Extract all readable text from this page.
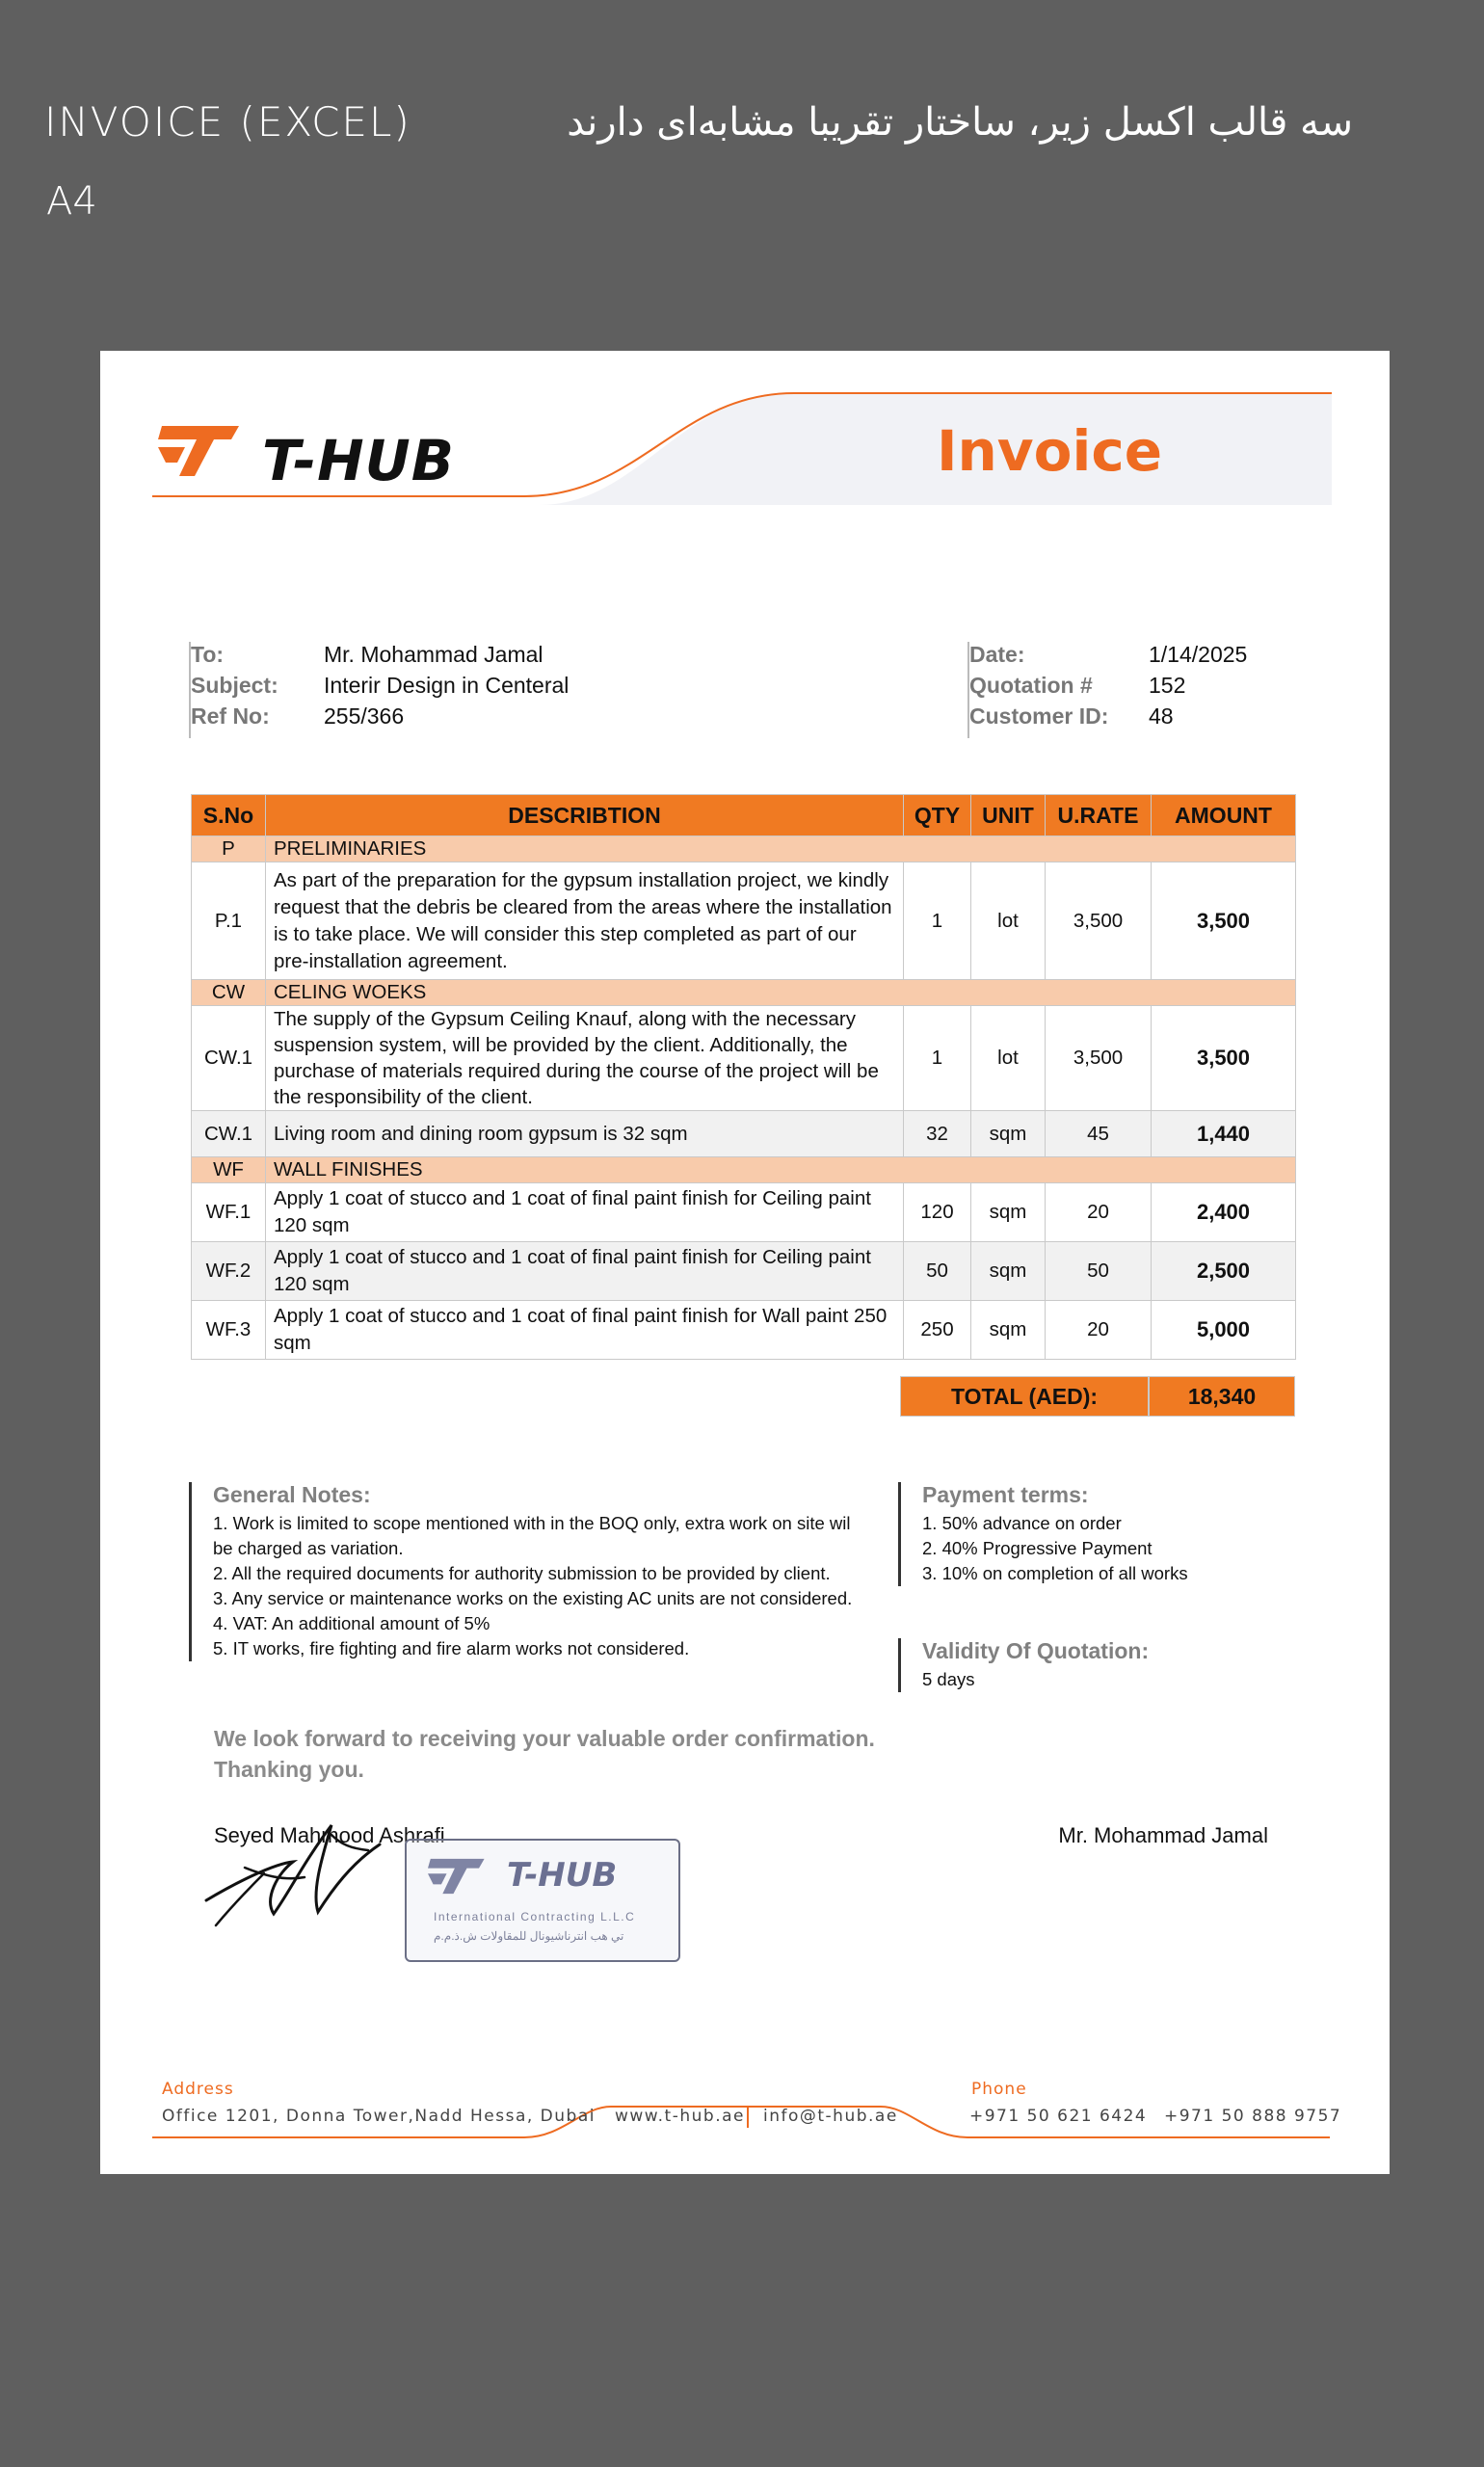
INVOICE (EXCEL)
A4
سه قالب اکسل زیر، ساختار تقریبا مشابه‌ای دارند
T-HUB	Invoice
To:	Mr. Mohammad Jamal
Subject: Interir Design in Centeral
Ref No: 255/366
Date:	1/14/2025
Quotation #	152
Customer ID: 48
S.No	DESCRIBTION	QTY	UNIT	U.RATE	AMOUNT
P	PRELIMINARIES				
P.1	As part of the preparation for the gypsum installation project, we kindly request that the debris be cleared from the areas where the installation is to take place. We will consider this step completed as part of our pre-installation agreement.	1	lot	3,500	3,500
CW	CELING WOEKS				
CW.1	The supply of the Gypsum Ceiling Knauf, along with the necessary suspension system, will be provided by the client. Additionally, the purchase of materials required during the course of the project will be the responsibility of the client.	1	lot	3,500	3,500
CW.1	Living room and dining room gypsum is 32 sqm	32	sqm	45	1,440
WF	WALL FINISHES				
WF.1	Apply 1 coat of stucco and 1 coat of final paint finish for Ceiling paint 120 sqm	120	sqm	20	2,400
WF.2	Apply 1 coat of stucco and 1 coat of final paint finish for Ceiling paint 120 sqm	50	sqm	50	2,500
WF.3	Apply 1 coat of stucco and 1 coat of final paint finish for Wall paint 250 sqm	250	sqm	20	5,000
TOTAL (AED):	18,340
General Notes:
1. Work is limited to scope mentioned with in the BOQ only, extra work on site wil be charged as variation.
2. All the required documents for authority submission to be provided by client.
3. Any service or maintenance works on the existing AC units are not considered.
4. VAT: An additional amount of 5%
5. IT works, fire fighting and fire alarm works not considered.
Payment terms:
1. 50% advance on order
2. 40% Progressive Payment
3. 10% on completion of all works
Validity Of Quotation:
5 days
We look forward to receiving your valuable order confirmation.
Thanking you.
Seyed Mahmood Ashrafi	Mr. Mohammad Jamal
T-HUB
International Contracting L.L.C
تي هب انترناشيونال للمقاولات ش.ذ.م.م
Address
Office 1201, Donna Tower,Nadd Hessa, Dubai www.t-hub.ae info@t-hub.ae
Phone
+971 50 621 6424 +971 50 888 9757
